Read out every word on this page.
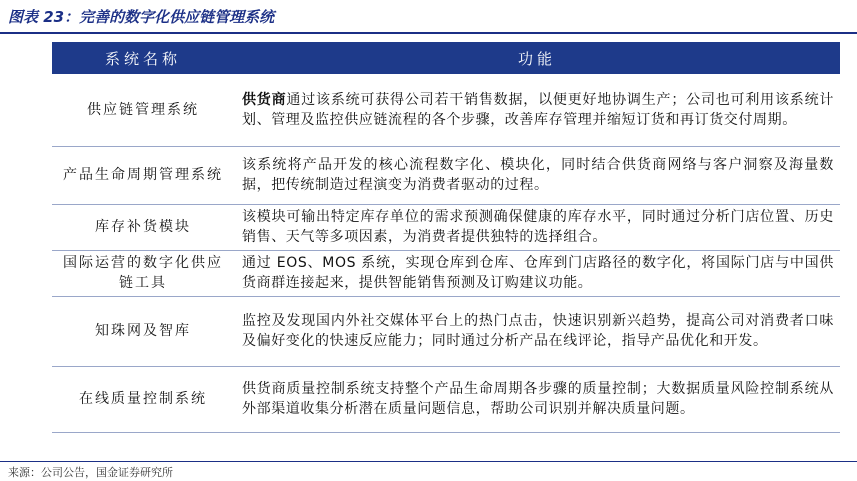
图表 23：完善的数字化供应链管理系统
系统名称	功能
供应链管理系统	供货商通过该系统可获得公司若干销售数据，以便更好地协调生产；公司也可利用该系统计划、管理及监控供应链流程的各个步骤，改善库存管理并缩短订货和再订货交付周期。
产品生命周期管理系统	该系统将产品开发的核心流程数字化、模块化，同时结合供货商网络与客户洞察及海量数据，把传统制造过程演变为消费者驱动的过程。
库存补货模块	该模块可输出特定库存单位的需求预测确保健康的库存水平，同时通过分析门店位置、历史销售、天气等多项因素，为消费者提供独特的选择组合。
国际运营的数字化供应链工具	通过 EOS、MOS 系统，实现仓库到仓库、仓库到门店路径的数字化，将国际门店与中国供货商群连接起来，提供智能销售预测及订购建议功能。
知珠网及智库	监控及发现国内外社交媒体平台上的热门点击，快速识别新兴趋势，提高公司对消费者口味及偏好变化的快速反应能力；同时通过分析产品在线评论，指导产品优化和开发。
在线质量控制系统	供货商质量控制系统支持整个产品生命周期各步骤的质量控制；大数据质量风险控制系统从外部渠道收集分析潜在质量问题信息，帮助公司识别并解决质量问题。
来源：公司公告，国金证券研究所
